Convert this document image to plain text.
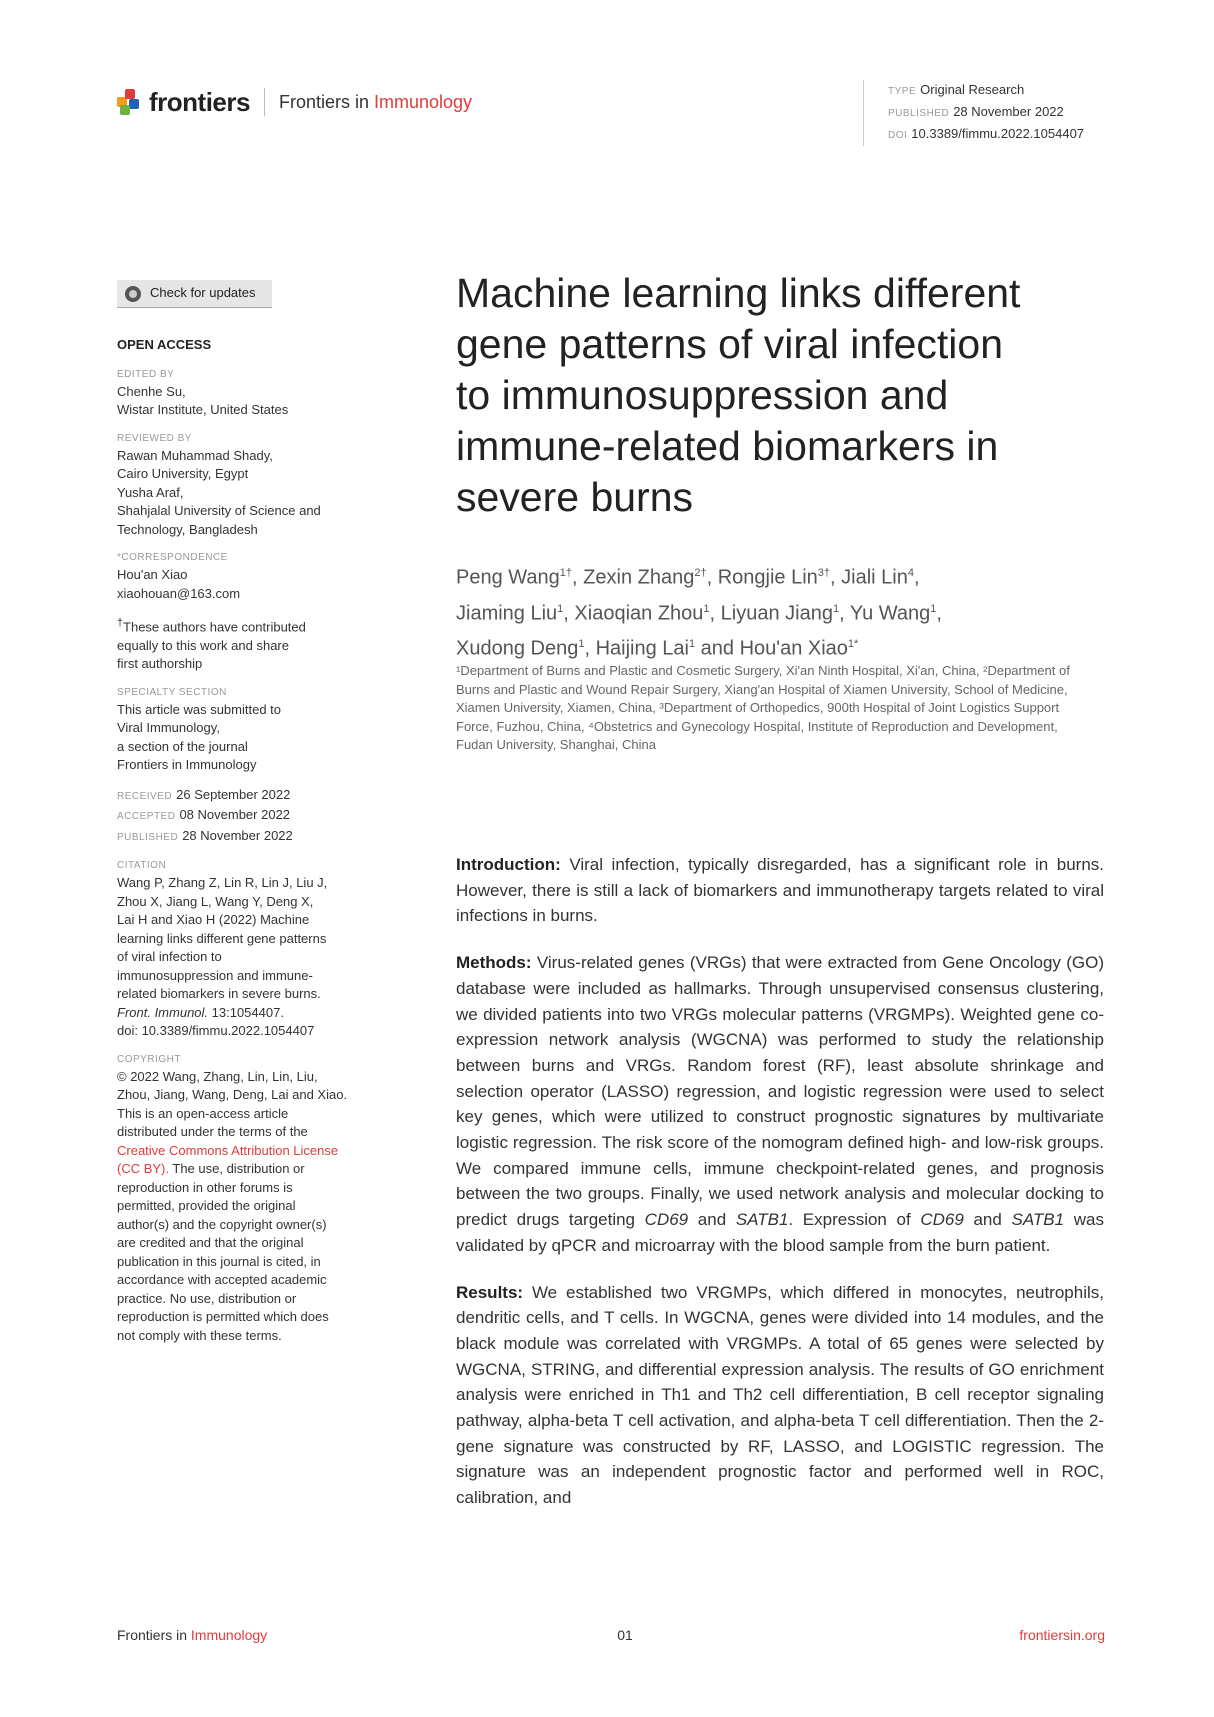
frontiers Frontiers in Immunology	TYPE Original Research
PUBLISHED 28 November 2022
DOI 10.3389/fimmu.2022.1054407
Check for updates
OPEN ACCESS
EDITED BY
Chenhe Su,
Wistar Institute, United States
REVIEWED BY
Rawan Muhammad Shady,
Cairo University, Egypt
Yusha Araf,
Shahjalal University of Science and
Technology, Bangladesh
*CORRESPONDENCE
Hou'an Xiao
xiaohouan@163.com
†These authors have contributed
equally to this work and share
first authorship
SPECIALTY SECTION
This article was submitted to
Viral Immunology,
a section of the journal
Frontiers in Immunology
RECEIVED 26 September 2022
ACCEPTED 08 November 2022
PUBLISHED 28 November 2022
CITATION
Wang P, Zhang Z, Lin R, Lin J, Liu J,
Zhou X, Jiang L, Wang Y, Deng X,
Lai H and Xiao H (2022) Machine
learning links different gene patterns
of viral infection to
immunosuppression and immune-
related biomarkers in severe burns.
Front. Immunol. 13:1054407.
doi: 10.3389/fimmu.2022.1054407
COPYRIGHT
© 2022 Wang, Zhang, Lin, Lin, Liu,
Zhou, Jiang, Wang, Deng, Lai and Xiao.
This is an open-access article
distributed under the terms of the
Creative Commons Attribution License
(CC BY). The use, distribution or
reproduction in other forums is
permitted, provided the original
author(s) and the copyright owner(s)
are credited and that the original
publication in this journal is cited, in
accordance with accepted academic
practice. No use, distribution or
reproduction is permitted which does
not comply with these terms.
Machine learning links different
gene patterns of viral infection
to immunosuppression and
immune-related biomarkers in
severe burns
Peng Wang$^{1\dagger}$, Zexin Zhang$^{2\dagger}$, Rongjie Lin$^{3\dagger}$, Jiali Lin$^4$,
Jiaming Liu$^1$, Xiaoqian Zhou$^1$, Liyuan Jiang$^1$, Yu Wang$^1$,
Xudong Deng$^1$, Haijing Lai$^1$ and Hou'an Xiao$^{1*}$
¹Department of Burns and Plastic and Cosmetic Surgery, Xi'an Ninth Hospital, Xi'an, China, ²Department of Burns and Plastic and Wound Repair Surgery, Xiang'an Hospital of Xiamen University, School of Medicine, Xiamen University, Xiamen, China, ³Department of Orthopedics, 900th Hospital of Joint Logistics Support Force, Fuzhou, China, ⁴Obstetrics and Gynecology Hospital, Institute of Reproduction and Development, Fudan University, Shanghai, China

Introduction: Viral infection, typically disregarded, has a significant role in burns. However, there is still a lack of biomarkers and immunotherapy targets related to viral infections in burns.

Methods: Virus-related genes (VRGs) that were extracted from Gene Oncology (GO) database were included as hallmarks. Through unsupervised consensus clustering, we divided patients into two VRGs molecular patterns (VRGMPs). Weighted gene co-expression network analysis (WGCNA) was performed to study the relationship between burns and VRGs. Random forest (RF), least absolute shrinkage and selection operator (LASSO) regression, and logistic regression were used to select key genes, which were utilized to construct prognostic signatures by multivariate logistic regression. The risk score of the nomogram defined high- and low-risk groups. We compared immune cells, immune checkpoint-related genes, and prognosis between the two groups. Finally, we used network analysis and molecular docking to predict drugs targeting CD69 and SATB1. Expression of CD69 and SATB1 was validated by qPCR and microarray with the blood sample from the burn patient.

Results: We established two VRGMPs, which differed in monocytes, neutrophils, dendritic cells, and T cells. In WGCNA, genes were divided into 14 modules, and the black module was correlated with VRGMPs. A total of 65 genes were selected by WGCNA, STRING, and differential expression analysis. The results of GO enrichment analysis were enriched in Th1 and Th2 cell differentiation, B cell receptor signaling pathway, alpha-beta T cell activation, and alpha-beta T cell differentiation. Then the 2-gene signature was constructed by RF, LASSO, and LOGISTIC regression. The signature was an independent prognostic factor and performed well in ROC, calibration, and

Frontiers in Immunology	01	frontiersin.org
